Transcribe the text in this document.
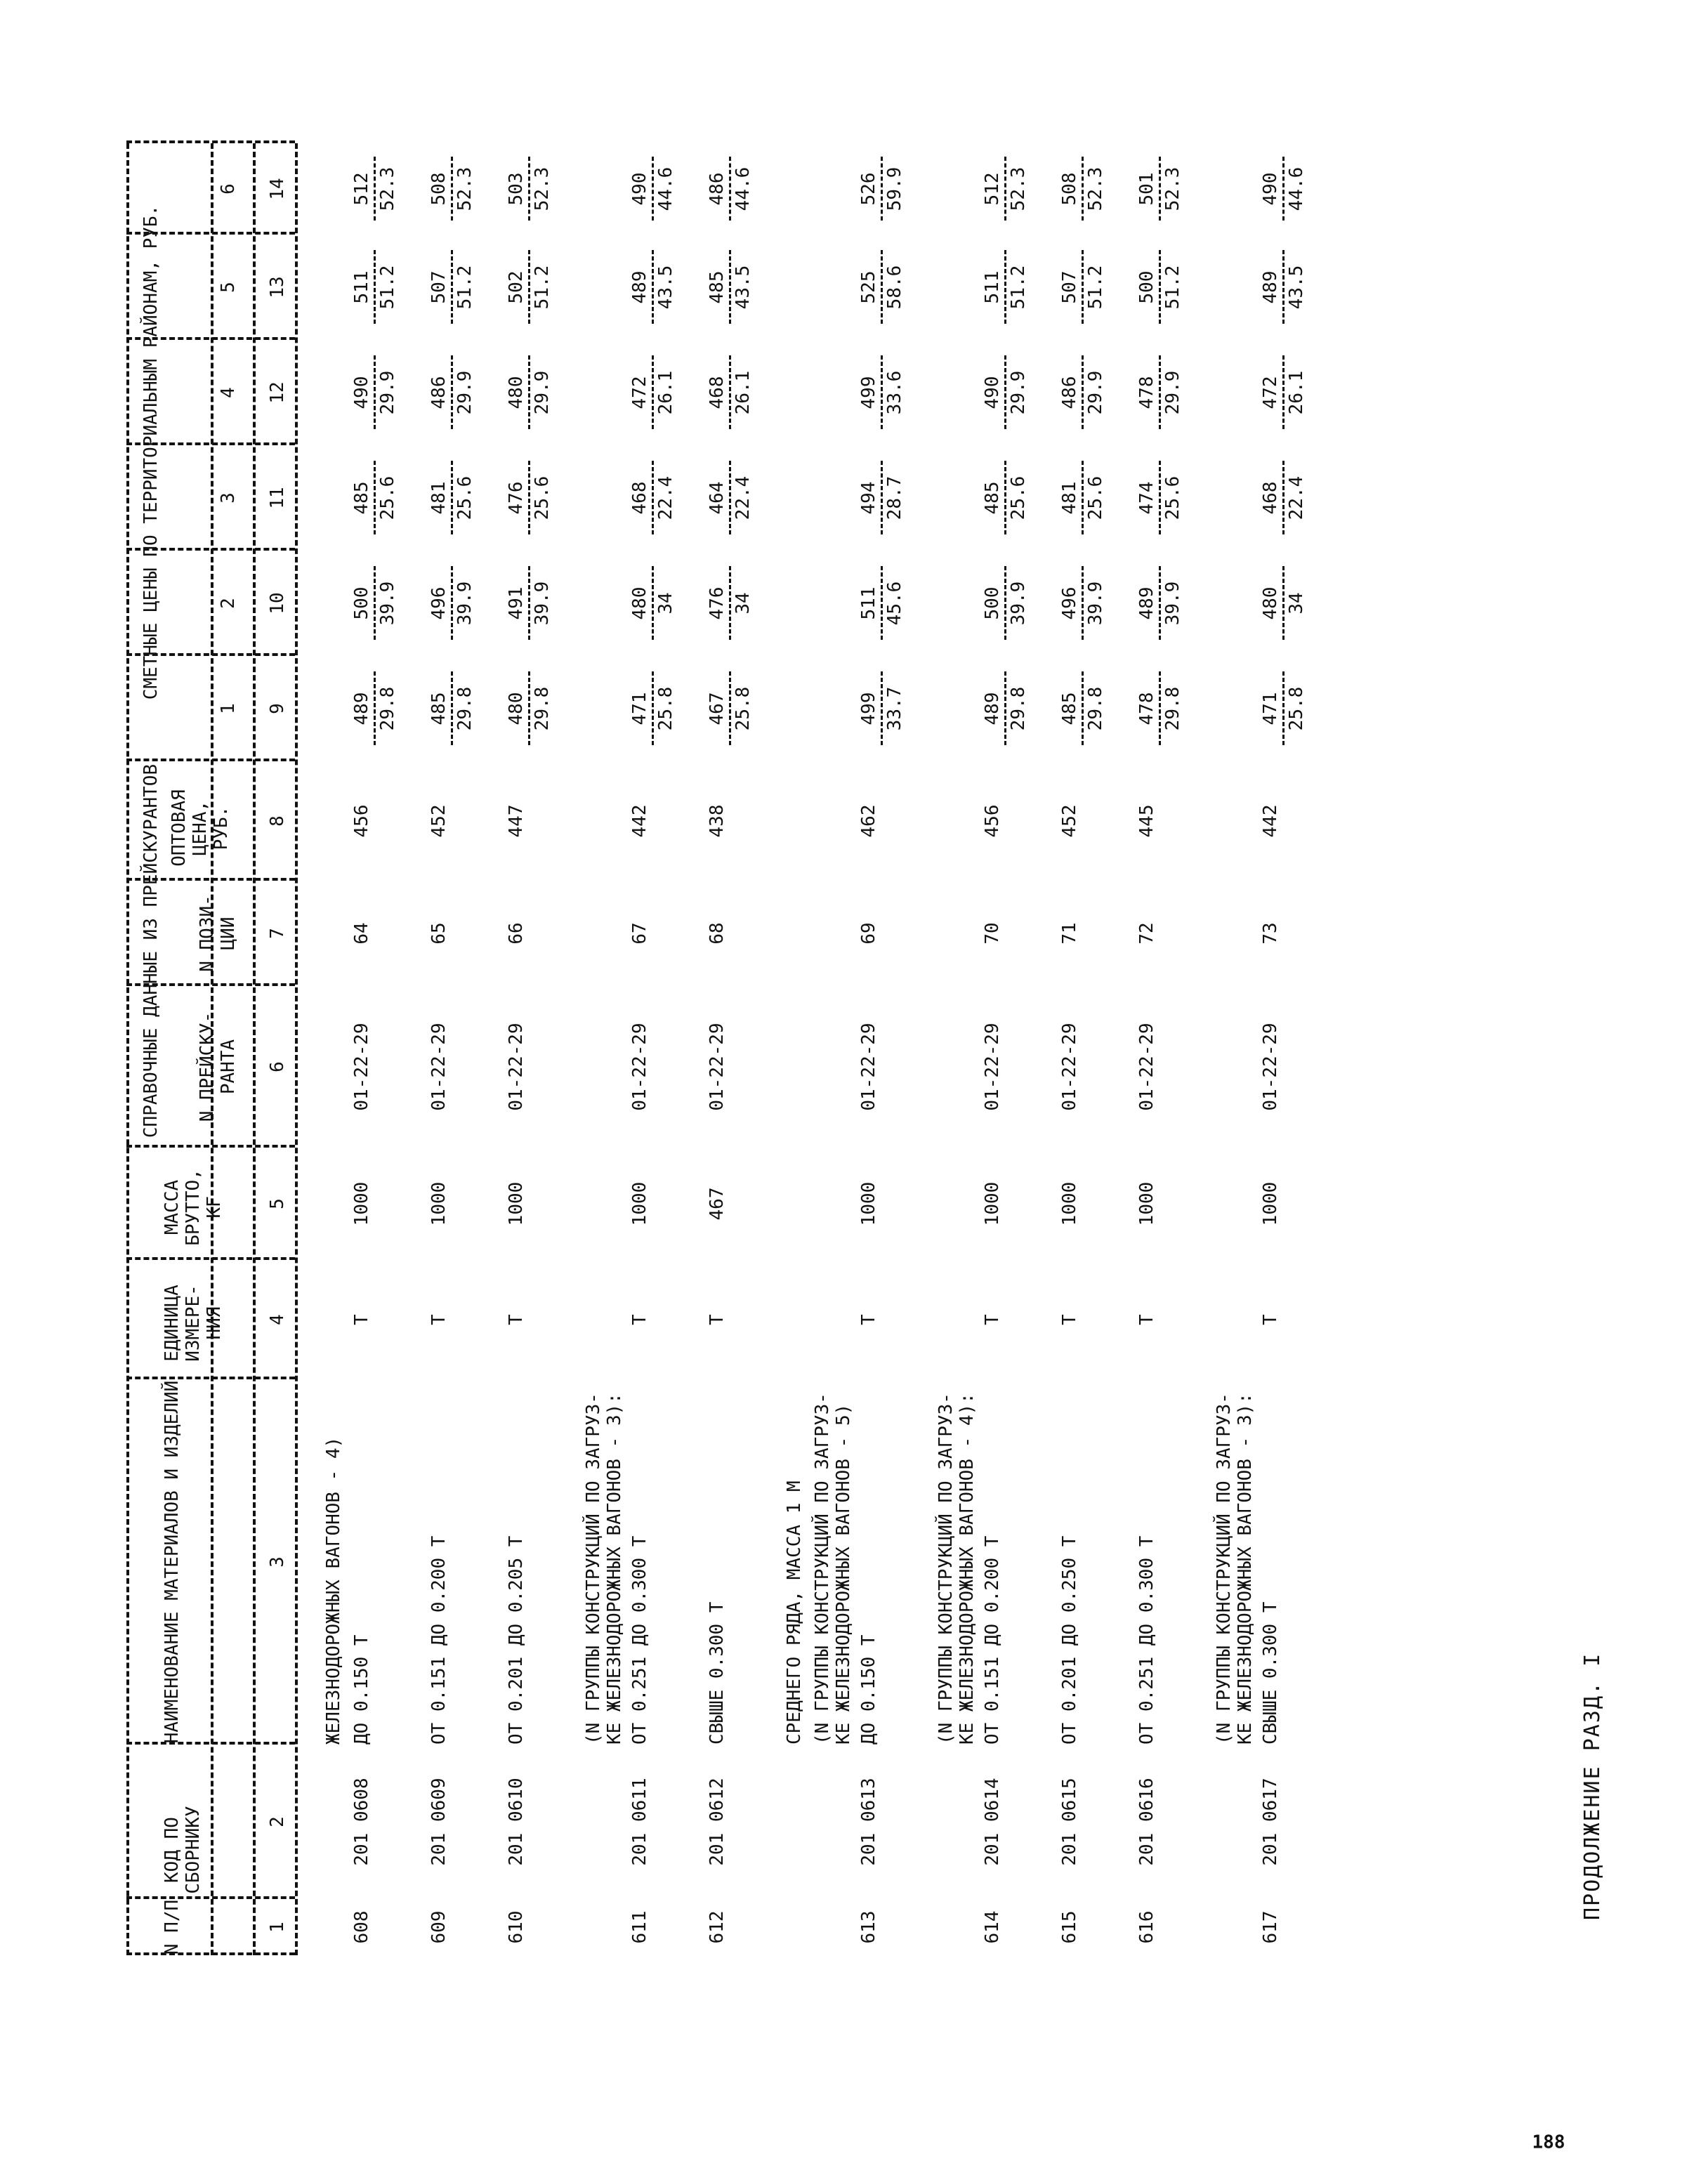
188
ПРОДОЛЖЕНИЕ РАЗД. I
N П/П
КОД ПО СБОРНИКУ
НАИМЕНОВАНИЕ МАТЕРИАЛОВ И ИЗДЕЛИЙ
ЕДИНИЦА ИЗМЕРЕ- НИЯ
МАССА БРУТТО, КГ
СПРАВОЧНЫЕ ДАННЫЕ ИЗ ПРЕЙСКУРАНТОВ N ПРЕЙСКУ- РАНТА
N ПОЗИ- ЦИИ
ОПТОВАЯ ЦЕНА, РУБ.
СМЕТНЫЕ ЦЕНЫ ПО ТЕРРИТОРИАЛЬНЫМ РАЙОНАМ, РУБ.
1
2
3
4
5
6
1
2
3
4
5
6
7
8
9
10
11
12
13
14
ЖЕЛЕЗНОДОРОЖНЫХ ВАГОНОВ - 4)
608
201 0608
ДО 0.150 Т
Т
1000
01-22-29
64
456
489 29.8
500 39.9
485 25.6
490 29.9
511 51.2
512 52.3
609
201 0609
ОТ 0.151 ДО 0.200 Т
Т
1000
01-22-29
65
452
485 29.8
496 39.9
481 25.6
486 29.9
507 51.2
508 52.3
610
201 0610
ОТ 0.201 ДО 0.205 Т
Т
1000
01-22-29
66
447
480 29.8
491 39.9
476 25.6
480 29.9
502 51.2
503 52.3
(N ГРУППЫ КОНСТРУКЦИЙ ПО ЗАГРУЗ- КЕ ЖЕЛЕЗНОДОРОЖНЫХ ВАГОНОВ - 3):
611
201 0611
ОТ 0.251 ДО 0.300 Т
Т
1000
01-22-29
67
442
471 25.8
480 34
468 22.4
472 26.1
489 43.5
490 44.6
612
201 0612
СВЫШЕ 0.300 Т
Т
467
01-22-29
68
438
467 25.8
476 34
464 22.4
468 26.1
485 43.5
486 44.6
СРЕДНЕГО РЯДА, МАССА 1 М (N ГРУППЫ КОНСТРУКЦИЙ ПО ЗАГРУЗ- КЕ ЖЕЛЕЗНОДОРОЖНЫХ ВАГОНОВ - 5)
613
201 0613
ДО 0.150 Т
Т
1000
01-22-29
69
462
499 33.7
511 45.6
494 28.7
499 33.6
525 58.6
526 59.9
(N ГРУППЫ КОНСТРУКЦИЙ ПО ЗАГРУЗ- КЕ ЖЕЛЕЗНОДОРОЖНЫХ ВАГОНОВ - 4):
614
201 0614
ОТ 0.151 ДО 0.200 Т
Т
1000
01-22-29
70
456
489 29.8
500 39.9
485 25.6
490 29.9
511 51.2
512 52.3
615
201 0615
ОТ 0.201 ДО 0.250 Т
Т
1000
01-22-29
71
452
485 29.8
496 39.9
481 25.6
486 29.9
507 51.2
508 52.3
616
201 0616
ОТ 0.251 ДО 0.300 Т
Т
1000
01-22-29
72
445
478 29.8
489 39.9
474 25.6
478 29.9
500 51.2
501 52.3
(N ГРУППЫ КОНСТРУКЦИЙ ПО ЗАГРУЗ- КЕ ЖЕЛЕЗНОДОРОЖНЫХ ВАГОНОВ - 3):
617
201 0617
СВЫШЕ 0.300 Т
Т
1000
01-22-29
73
442
471 25.8
480 34
468 22.4
472 26.1
489 43.5
490 44.6
